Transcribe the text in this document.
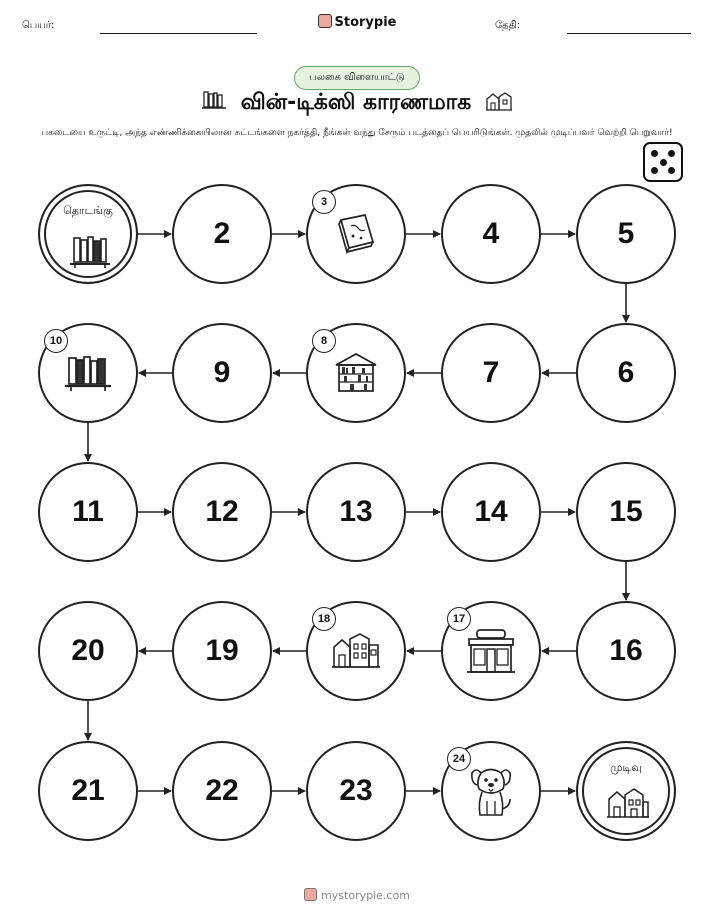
பெயர்:	Storypie	தேதி:
பலகை விளையாட்டு
வின்-டிக்ஸி காரணமாக
பகடையை உருட்டி, அந்த எண்ணிக்கையிலான கட்டங்களை நகர்த்தி, நீங்கள் வந்து சேரும் படத்தைப் பெயரிடுங்கள். முதலில் முடிப்பவர் வெற்றி பெறுவார்!
தொடங்கு
முடிவு
2
3
4	5
6
7
8
9
10
11	12	13	14	15
16
17
18
19
20
21	22	23
24
mystorypie.com
